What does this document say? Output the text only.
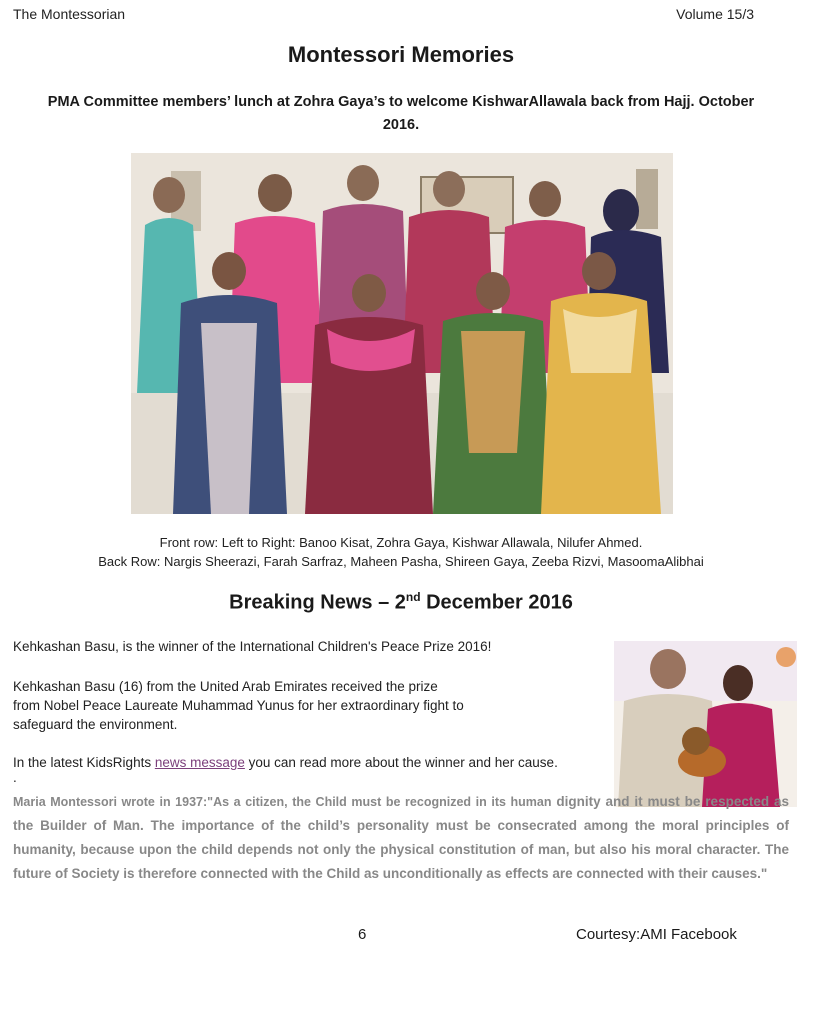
The Montessorian	Volume 15/3
Montessori Memories
PMA Committee members’ lunch at Zohra Gaya’s to welcome KishwarAllawala back from Hajj. October 2016.
Front row: Left to Right: Banoo Kisat, Zohra Gaya, Kishwar Allawala, Nilufer Ahmed.
Back Row: Nargis Sheerazi, Farah Sarfraz, Maheen Pasha, Shireen Gaya, Zeeba Rizvi, MasoomaAlibhai
Breaking News – 2nd December 2016
Kehkashan Basu, is the winner of the International Children's Peace Prize 2016!
Kehkashan Basu (16) from the United Arab Emirates received the prize
from Nobel Peace Laureate Muhammad Yunus for her extraordinary fight to
safeguard the environment.
In the latest KidsRights news message you can read more about the winner and her cause.
.
Maria Montessori wrote in 1937:"As a citizen, the Child must be recognized in its human dignity and it must be respected as the Builder of Man. The importance of the child’s personality must be consecrated among the moral principles of humanity, because upon the child depends not only the physical constitution of man, but also his moral character. The future of Society is therefore connected with the Child as unconditionally as effects are connected with their causes."
6	Courtesy:AMI Facebook
